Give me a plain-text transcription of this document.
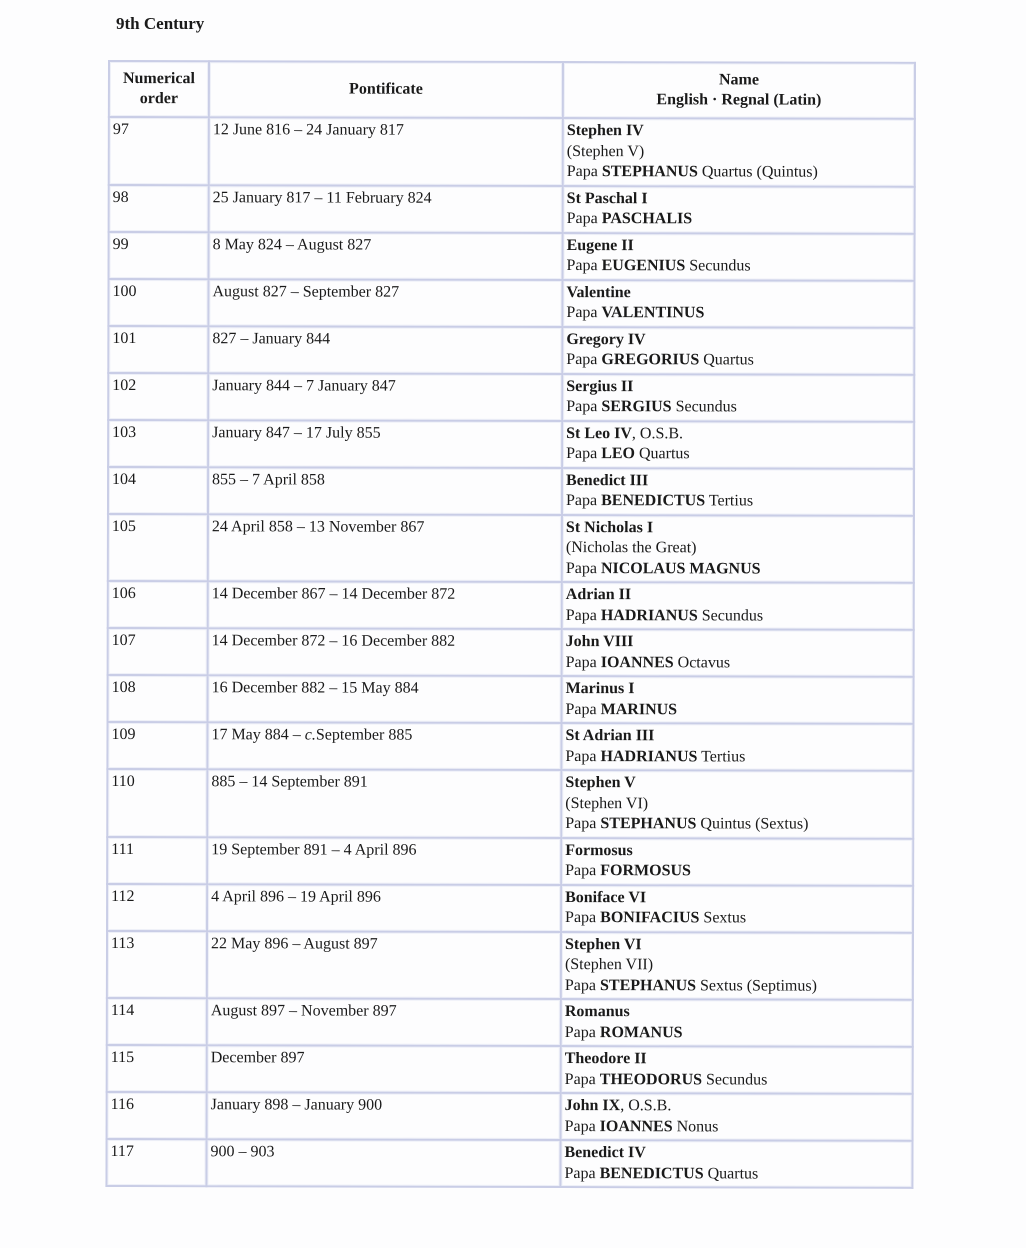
9th Century
Numerical
order	Pontificate	Name
English · Regnal (Latin)
97	12 June 816 – 24 January 817	Stephen IV
(Stephen V)
Papa STEPHANUS Quartus (Quintus)

98	25 January 817 – 11 February 824	St Paschal I
Papa PASCHALIS

99	8 May 824 – August 827	Eugene II
Papa EUGENIUS Secundus

100	August 827 – September 827	Valentine
Papa VALENTINUS

101	827 – January 844	Gregory IV
Papa GREGORIUS Quartus

102	January 844 – 7 January 847	Sergius II
Papa SERGIUS Secundus

103	January 847 – 17 July 855	St Leo IV, O.S.B.
Papa LEO Quartus

104	855 – 7 April 858	Benedict III
Papa BENEDICTUS Tertius

105	24 April 858 – 13 November 867	St Nicholas I
(Nicholas the Great)
Papa NICOLAUS MAGNUS

106	14 December 867 – 14 December 872	Adrian II
Papa HADRIANUS Secundus

107	14 December 872 – 16 December 882	John VIII
Papa IOANNES Octavus

108	16 December 882 – 15 May 884	Marinus I
Papa MARINUS

109	17 May 884 – c.September 885	St Adrian III
Papa HADRIANUS Tertius

110	885 – 14 September 891	Stephen V
(Stephen VI)
Papa STEPHANUS Quintus (Sextus)

111	19 September 891 – 4 April 896	Formosus
Papa FORMOSUS

112	4 April 896 – 19 April 896	Boniface VI
Papa BONIFACIUS Sextus

113	22 May 896 – August 897	Stephen VI
(Stephen VII)
Papa STEPHANUS Sextus (Septimus)

114	August 897 – November 897	Romanus
Papa ROMANUS

115	December 897	Theodore II
Papa THEODORUS Secundus

116	January 898 – January 900	John IX, O.S.B.
Papa IOANNES Nonus

117	900 – 903	Benedict IV
Papa BENEDICTUS Quartus
